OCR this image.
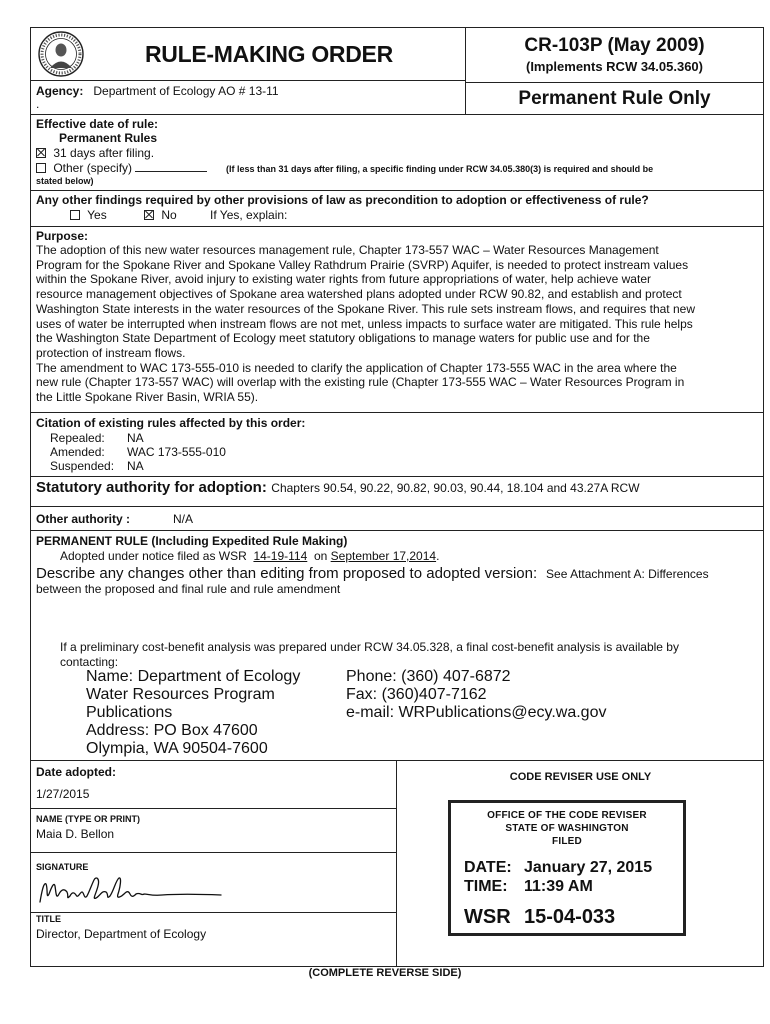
RULE-MAKING ORDER	CR-103P (May 2009)
(Implements RCW 34.05.360)
Permanent Rule Only
Agency: Department of Ecology AO # 13-11
.
Effective date of rule:
Permanent Rules
31 days after filing.
Other (specify)	(If less than 31 days after filing, a specific finding under RCW 34.05.380(3) is required and should be
stated below)
Any other findings required by other provisions of law as precondition to adoption or effectiveness of rule?
Yes	No	If Yes, explain:
Purpose:
The adoption of this new water resources management rule, Chapter 173-557 WAC – Water Resources Management
Program for the Spokane River and Spokane Valley Rathdrum Prairie (SVRP) Aquifer, is needed to protect instream values
within the Spokane River, avoid injury to existing water rights from future appropriations of water, help achieve water
resource management objectives of Spokane area watershed plans adopted under RCW 90.82, and establish and protect
Washington State interests in the water resources of the Spokane River. This rule sets instream flows, and requires that new
uses of water be interrupted when instream flows are not met, unless impacts to surface water are mitigated. This rule helps
the Washington State Department of Ecology meet statutory obligations to manage waters for public use and for the
protection of instream flows.
The amendment to WAC 173-555-010 is needed to clarify the application of Chapter 173-555 WAC in the area where the
new rule (Chapter 173-557 WAC) will overlap with the existing rule (Chapter 173-555 WAC – Water Resources Program in
the Little Spokane River Basin, WRIA 55).
Citation of existing rules affected by this order:
Repealed: NA
Amended: WAC 173-555-010
Suspended: NA
Statutory authority for adoption: Chapters 90.54, 90.22, 90.82, 90.03, 90.44, 18.104 and 43.27A RCW
Other authority :	N/A
PERMANENT RULE (Including Expedited Rule Making)
Adopted under notice filed as WSR 14-19-114 on September 17,2014.
Describe any changes other than editing from proposed to adopted version: See Attachment A: Differences
between the proposed and final rule and rule amendment
If a preliminary cost-benefit analysis was prepared under RCW 34.05.328, a final cost-benefit analysis is available by
contacting:
Name: Department of Ecology
Water Resources Program
Publications
Address: PO Box 47600
Olympia, WA 90504-7600
Phone: (360) 407-6872
Fax: (360)407-7162
e-mail: WRPublications@ecy.wa.gov
Date adopted:
1/27/2015
NAME (TYPE OR PRINT)
Maia D. Bellon
SIGNATURE
TITLE
Director, Department of Ecology
CODE REVISER USE ONLY
OFFICE OF THE CODE REVISER
STATE OF WASHINGTON
FILED
DATE: January 27, 2015
TIME: 11:39 AM
WSR 15-04-033
(COMPLETE REVERSE SIDE)
